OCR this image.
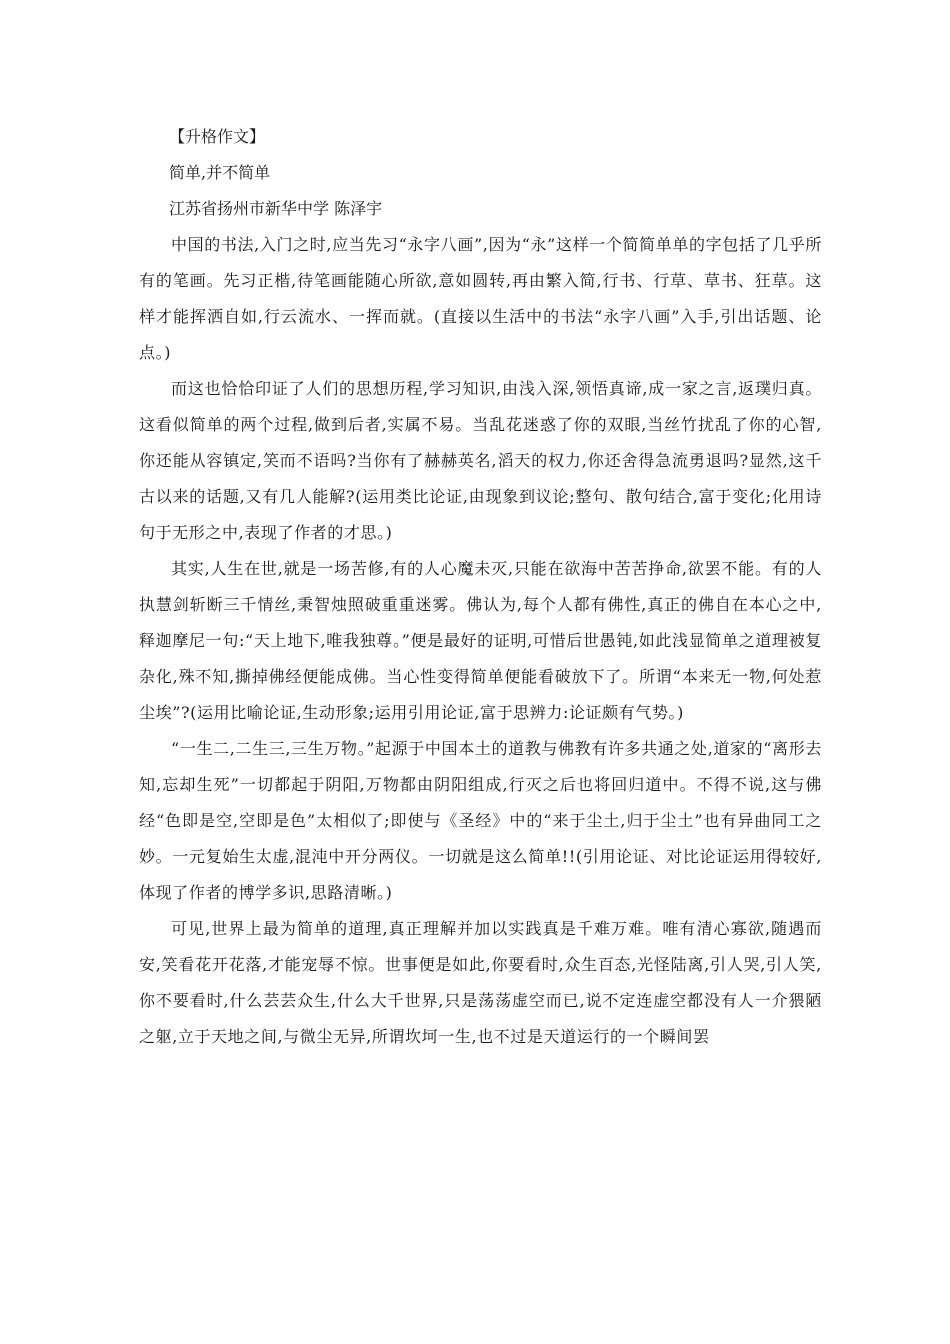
【升格作文】

简单,并不简单

江苏省扬州市新华中学 陈泽宇

中国的书法,入门之时,应当先习“永字八画”,因为“永”这样一个简简单单的字包括了几乎所有的笔画。先习正楷,待笔画能随心所欲,意如圆转,再由繁入简,行书、行草、草书、狂草。这样才能挥洒自如,行云流水、一挥而就。(直接以生活中的书法“永字八画”入手,引出话题、论点。)

而这也恰恰印证了人们的思想历程,学习知识,由浅入深,领悟真谛,成一家之言,返璞归真。这看似简单的两个过程,做到后者,实属不易。当乱花迷惑了你的双眼,当丝竹扰乱了你的心智,你还能从容镇定,笑而不语吗?当你有了赫赫英名,滔天的权力,你还舍得急流勇退吗?显然,这千古以来的话题,又有几人能解?(运用类比论证,由现象到议论;整句、散句结合,富于变化;化用诗句于无形之中,表现了作者的才思。)

其实,人生在世,就是一场苦修,有的人心魔未灭,只能在欲海中苦苦挣命,欲罢不能。有的人执慧剑斩断三千情丝,秉智烛照破重重迷雾。佛认为,每个人都有佛性,真正的佛自在本心之中,释迦摩尼一句:“天上地下,唯我独尊。”便是最好的证明,可惜后世愚钝,如此浅显简单之道理被复杂化,殊不知,撕掉佛经便能成佛。当心性变得简单便能看破放下了。所谓“本来无一物,何处惹尘埃”?(运用比喻论证,生动形象;运用引用论证,富于思辨力:论证颇有气势。)

“一生二,二生三,三生万物。”起源于中国本土的道教与佛教有许多共通之处,道家的“离形去知,忘却生死”一切都起于阴阳,万物都由阴阳组成,行灭之后也将回归道中。不得不说,这与佛经“色即是空,空即是色”太相似了;即使与《圣经》中的“来于尘土,归于尘土”也有异曲同工之妙。一元复始生太虚,混沌中开分两仪。一切就是这么简单!!(引用论证、对比论证运用得较好,体现了作者的博学多识,思路清晰。)

可见,世界上最为简单的道理,真正理解并加以实践真是千难万难。唯有清心寡欲,随遇而安,笑看花开花落,才能宠辱不惊。世事便是如此,你要看时,众生百态,光怪陆离,引人哭,引人笑,你不要看时,什么芸芸众生,什么大千世界,只是荡荡虚空而已,说不定连虚空都没有人一介猥陋之躯,立于天地之间,与微尘无异,所谓坎坷一生,也不过是天道运行的一个瞬间罢
